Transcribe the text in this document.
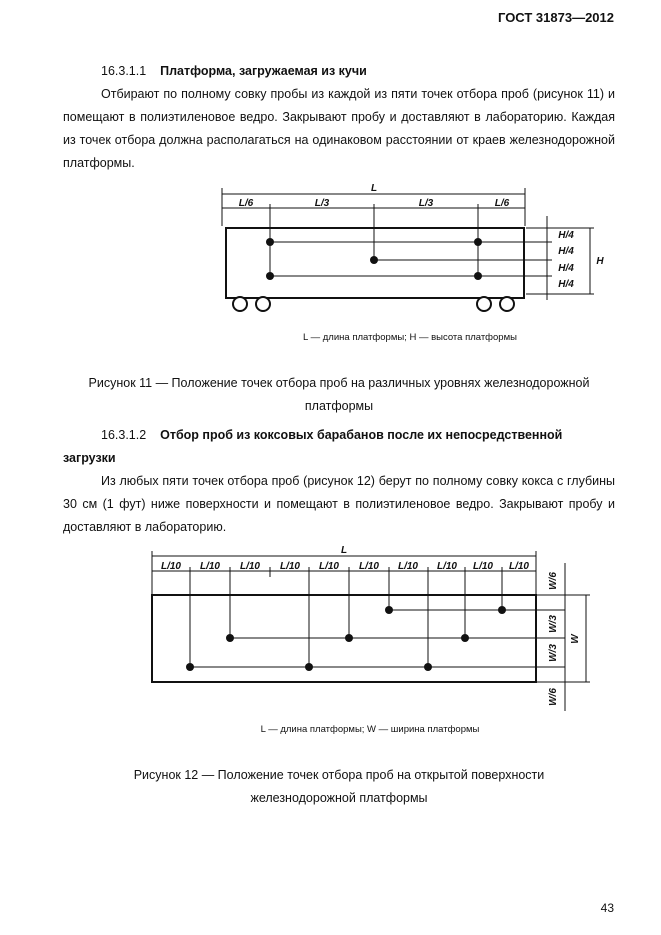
ГОСТ 31873—2012
16.3.1.1 Платформа, загружаемая из кучи
Отбирают по полному совку пробы из каждой из пяти точек отбора проб (рисунок 11) и помещают в полиэтиленовое ведро. Закрывают пробу и доставляют в лабораторию. Каждая из точек отбора должна располагаться на одинаковом расстоянии от краев железнодорожной платформы.
L
L/6	L/3	L/3	L/6
H/4
H/4
H/4
H/4
H
L — длина платформы; H — высота платформы
Рисунок 11 — Положение точек отбора проб на различных уровнях железнодорожной
платформы
16.3.1.2 Отбор проб из коксовых барабанов после их непосредственной
загрузки
Из любых пяти точек отбора проб (рисунок 12) берут по полному совку кокса с глубины 30 см (1 фут) ниже поверхности и помещают в полиэтиленовое ведро. Закрывают пробу и доставляют в лабораторию.
L
L/10 L/10 L/10 L/10 L/10 L/10 L/10 L/10 L/10 L/10
W/6
W/3
W/3
W/6
W
L — длина платформы; W — ширина платформы
Рисунок 12 — Положение точек отбора проб на открытой поверхности
железнодорожной платформы
43
